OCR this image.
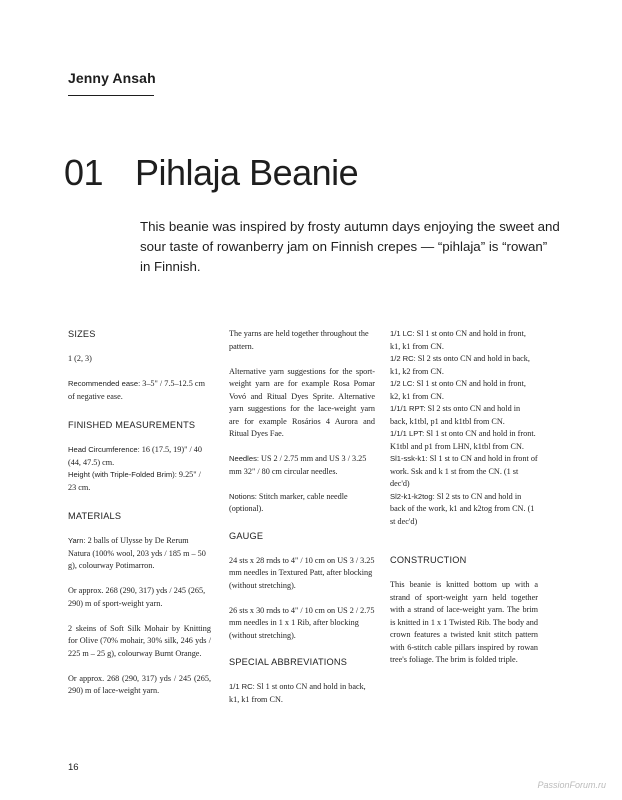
Jenny Ansah
01 Pihlaja Beanie
This beanie was inspired by frosty autumn days enjoying the sweet and sour taste of rowanberry jam on Finnish crepes — “pihlaja” is “rowan” in Finnish.
SIZES
1 (2, 3)
Recommended ease: 3–5" / 7.5–12.5 cm of negative ease.
FINISHED MEASUREMENTS
Head Circumference: 16 (17.5, 19)" / 40 (44, 47.5) cm.
Height (with Triple-Folded Brim): 9.25" / 23 cm.
MATERIALS
Yarn: 2 balls of Ulysse by De Rerum Natura (100% wool, 203 yds / 185 m – 50 g), colourway Potimarron.
Or approx. 268 (290, 317) yds / 245 (265, 290) m of sport-weight yarn.
2 skeins of Soft Silk Mohair by Knitting for Olive (70% mohair, 30% silk, 246 yds / 225 m – 25 g), colourway Burnt Orange.
Or approx. 268 (290, 317) yds / 245 (265, 290) m of lace-weight yarn.
The yarns are held together throughout the pattern.
Alternative yarn suggestions for the sport-weight yarn are for example Rosa Pomar Vovó and Ritual Dyes Sprite. Alternative yarn suggestions for the lace-weight yarn are for example Rosários 4 Aurora and Ritual Dyes Fae.
Needles: US 2 / 2.75 mm and US 3 / 3.25 mm 32" / 80 cm circular needles.
Notions: Stitch marker, cable needle (optional).
GAUGE
24 sts x 28 rnds to 4" / 10 cm on US 3 / 3.25 mm needles in Textured Patt, after blocking (without stretching).
26 sts x 30 rnds to 4" / 10 cm on US 2 / 2.75 mm needles in 1 x 1 Rib, after blocking (without stretching).
SPECIAL ABBREVIATIONS
1/1 RC: Sl 1 st onto CN and hold in back, k1, k1 from CN.
1/1 LC: Sl 1 st onto CN and hold in front, k1, k1 from CN.
1/2 RC: Sl 2 sts onto CN and hold in back, k1, k2 from CN.
1/2 LC: Sl 1 st onto CN and hold in front, k2, k1 from CN.
1/1/1 RPT: Sl 2 sts onto CN and hold in back, k1tbl, p1 and k1tbl from CN.
1/1/1 LPT: Sl 1 st onto CN and hold in front. K1tbl and p1 from LHN, k1tbl from CN.
Sl1-ssk-k1: Sl 1 st to CN and hold in front of work. Ssk and k 1 st from the CN. (1 st dec'd)
Sl2-k1-k2tog: Sl 2 sts to CN and hold in back of the work, k1 and k2tog from CN. (1 st dec'd)
CONSTRUCTION
This beanie is knitted bottom up with a strand of sport-weight yarn held together with a strand of lace-weight yarn. The brim is knitted in 1 x 1 Twisted Rib. The body and crown features a twisted knit stitch pattern with 6-stitch cable pillars inspired by rowan tree's foliage. The brim is folded triple.
16
PassionForum.ru
